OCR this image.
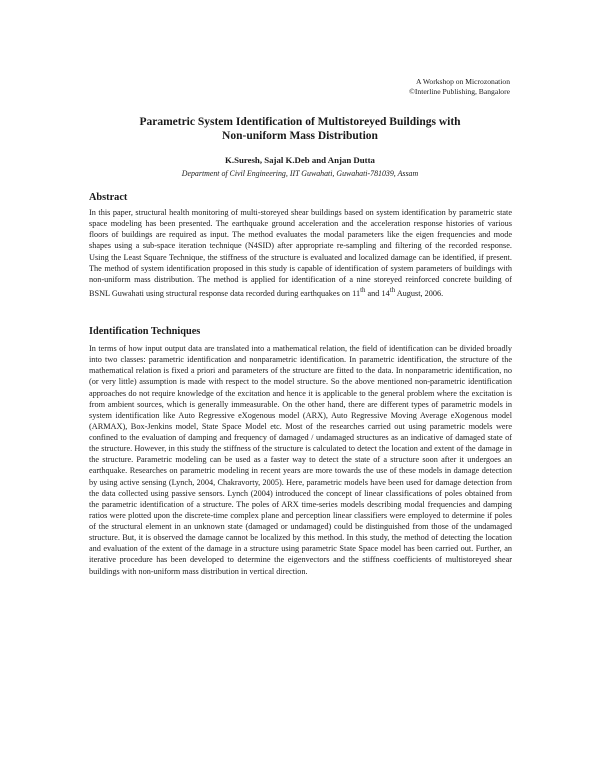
A Workshop on Microzonation
©Interline Publishing, Bangalore
Parametric System Identification of Multistoreyed Buildings with
Non-uniform Mass Distribution
K.Suresh, Sajal K.Deb and Anjan Dutta
Department of Civil Engineering, IIT Guwahati, Guwahati-781039, Assam
Abstract
In this paper, structural health monitoring of multi-storeyed shear buildings based on system identification by parametric state space modeling has been presented. The earthquake ground acceleration and the acceleration response histories of various floors of buildings are required as input. The method evaluates the modal parameters like the eigen frequencies and mode shapes using a sub-space iteration technique (N4SID) after appropriate re-sampling and filtering of the recorded response. Using the Least Square Technique, the stiffness of the structure is evaluated and localized damage can be identified, if present. The method of system identification proposed in this study is capable of identification of system parameters of buildings with non-uniform mass distribution. The method is applied for identification of a nine storeyed reinforced concrete building of BSNL Guwahati using structural response data recorded during earthquakes on 11th and 14th August, 2006.
Identification Techniques
In terms of how input output data are translated into a mathematical relation, the field of identification can be divided broadly into two classes: parametric identification and nonparametric identification. In parametric identification, the structure of the mathematical relation is fixed a priori and parameters of the structure are fitted to the data. In nonparametric identification, no (or very little) assumption is made with respect to the model structure. So the above mentioned non-parametric identification approaches do not require knowledge of the excitation and hence it is applicable to the general problem where the excitation is from ambient sources, which is generally immeasurable. On the other hand, there are different types of parametric models in system identification like Auto Regressive eXogenous model (ARX), Auto Regressive Moving Average eXogenous model (ARMAX), Box-Jenkins model, State Space Model etc. Most of the researches carried out using parametric models were confined to the evaluation of damping and frequency of damaged / undamaged structures as an indicative of damaged state of the structure. However, in this study the stiffness of the structure is calculated to detect the location and extent of the damage in the structure. Parametric modeling can be used as a faster way to detect the state of a structure soon after it undergoes an earthquake. Researches on parametric modeling in recent years are more towards the use of these models in damage detection by using active sensing (Lynch, 2004, Chakravorty, 2005). Here, parametric models have been used for damage detection from the data collected using passive sensors. Lynch (2004) introduced the concept of linear classifications of poles obtained from the parametric identification of a structure. The poles of ARX time-series models describing modal frequencies and damping ratios were plotted upon the discrete-time complex plane and perception linear classifiers were employed to determine if poles of the structural element in an unknown state (damaged or undamaged) could be distinguished from those of the undamaged structure. But, it is observed the damage cannot be localized by this method. In this study, the method of detecting the location and evaluation of the extent of the damage in a structure using parametric State Space model has been carried out. Further, an iterative procedure has been developed to determine the eigenvectors and the stiffness coefficients of multistoreyed shear buildings with non-uniform mass distribution in vertical direction.
